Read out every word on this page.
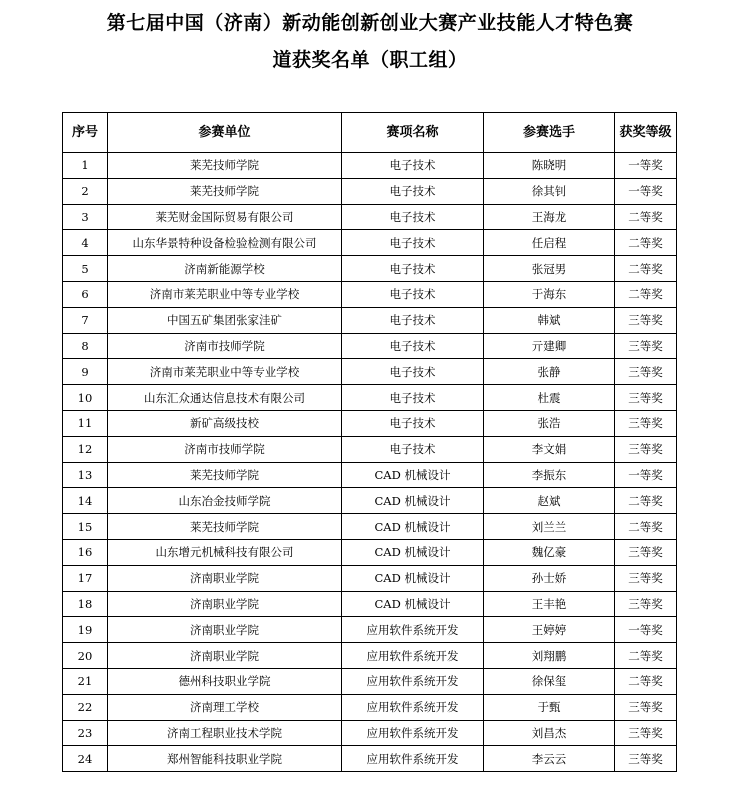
第七届中国（济南）新动能创新创业大赛产业技能人才特色赛
道获奖名单（职工组）
序号	参赛单位	赛项名称	参赛选手	获奖等级
1	莱芜技师学院	电子技术	陈晓明	一等奖
2	莱芜技师学院	电子技术	徐其钊	一等奖
3	莱芜财金国际贸易有限公司	电子技术	王海龙	二等奖
4	山东华景特种设备检验检测有限公司	电子技术	任启程	二等奖
5	济南新能源学校	电子技术	张冠男	二等奖
6	济南市莱芜职业中等专业学校	电子技术	于海东	二等奖
7	中国五矿集团张家洼矿	电子技术	韩斌	三等奖
8	济南市技师学院	电子技术	亓建卿	三等奖
9	济南市莱芜职业中等专业学校	电子技术	张静	三等奖
10	山东汇众通达信息技术有限公司	电子技术	杜震	三等奖
11	新矿高级技校	电子技术	张浩	三等奖
12	济南市技师学院	电子技术	李文娟	三等奖
13	莱芜技师学院	CAD 机械设计	李振东	一等奖
14	山东冶金技师学院	CAD 机械设计	赵斌	二等奖
15	莱芜技师学院	CAD 机械设计	刘兰兰	二等奖
16	山东增元机械科技有限公司	CAD 机械设计	魏亿豪	三等奖
17	济南职业学院	CAD 机械设计	孙士娇	三等奖
18	济南职业学院	CAD 机械设计	王丰艳	三等奖
19	济南职业学院	应用软件系统开发	王婷婷	一等奖
20	济南职业学院	应用软件系统开发	刘翔鹏	二等奖
21	德州科技职业学院	应用软件系统开发	徐保玺	二等奖
22	济南理工学校	应用软件系统开发	于甄	三等奖
23	济南工程职业技术学院	应用软件系统开发	刘昌杰	三等奖
24	郑州智能科技职业学院	应用软件系统开发	李云云	三等奖
